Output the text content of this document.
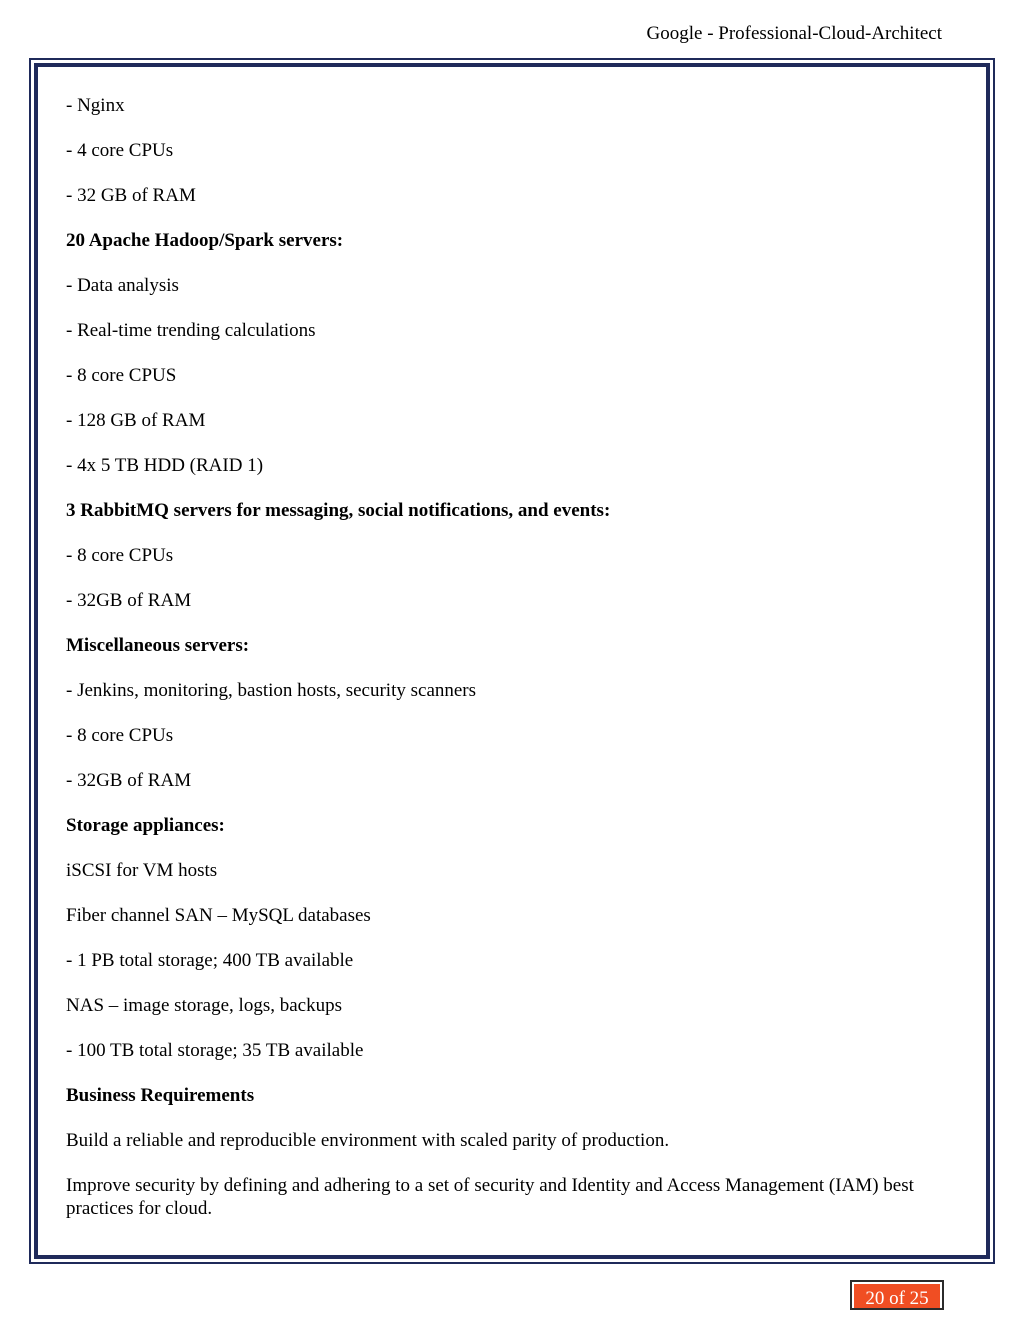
Google - Professional-Cloud-Architect

- Nginx

- 4 core CPUs

- 32 GB of RAM

20 Apache Hadoop/Spark servers:

- Data analysis

- Real-time trending calculations

- 8 core CPUS

- 128 GB of RAM

- 4x 5 TB HDD (RAID 1)

3 RabbitMQ servers for messaging, social notifications, and events:

- 8 core CPUs

- 32GB of RAM

Miscellaneous servers:

- Jenkins, monitoring, bastion hosts, security scanners

- 8 core CPUs

- 32GB of RAM

Storage appliances:

iSCSI for VM hosts

Fiber channel SAN – MySQL databases

- 1 PB total storage; 400 TB available

NAS – image storage, logs, backups

- 100 TB total storage; 35 TB available

Business Requirements

Build a reliable and reproducible environment with scaled parity of production.

Improve security by defining and adhering to a set of security and Identity and Access Management (IAM) best practices for cloud.

20 of 25
